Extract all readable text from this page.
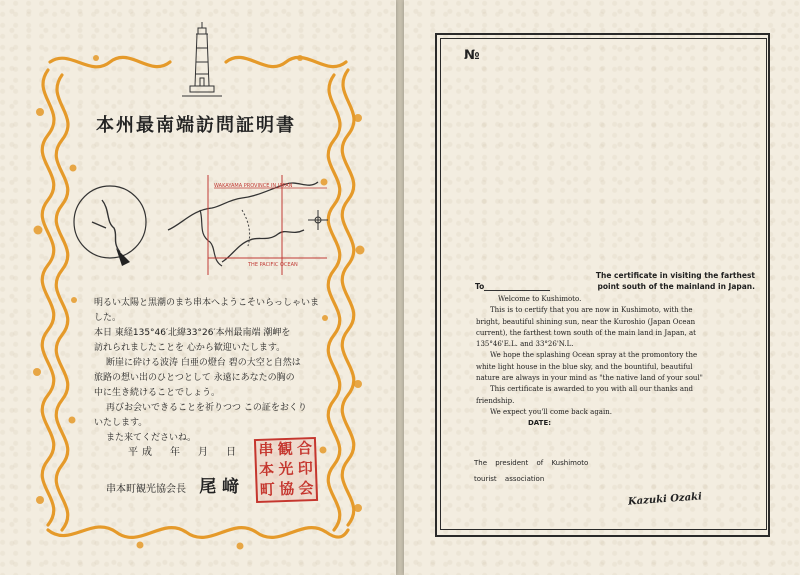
本州最南端訪問証明書
WAKAYAMA PROVINCE IN JAPAN
THE PACIFIC OCEAN

明るい太陽と黒潮のまち串本へようこそいらっしゃいました。

本日 東経135°46′北緯33°26′本州最南端 潮岬を

訪れられましたことを 心から歓迎いたします。

断崖に砕ける波涛 白亜の燈台 碧の大空と自然は

旅路の想い出のひとつとして 永遠にあなたの胸の

中に生き続けることでしょう。

再びお会いできることを祈りつつ この証をおくり

いたします。

また来てくださいね。

平成　年　月　日
串本町観光協会長 尾﨑
串 観 合
本 光 印
町 協 会
№
The certificate in visiting the farthest
To	point south of the mainland in Japan.

Welcome to Kushimoto.

This is to certify that you are now in Kushimoto, with the

bright, beautiful shining sun, near the Kuroshio (Japan Ocean

current), the farthest town south of the main land in Japan, at

135°46'E.L. and 33°26'N.L.

We hope the splashing Ocean spray at the promontory the

white light house in the blue sky, and the bountiful, beautiful

nature are always in your mind as "the native land of your soul"

This certificate is awarded to you with all our thanks and

friendship.

We expect you'll come back again.

DATE:

The president of Kushimoto

tourist association

Kazuki Ozaki
